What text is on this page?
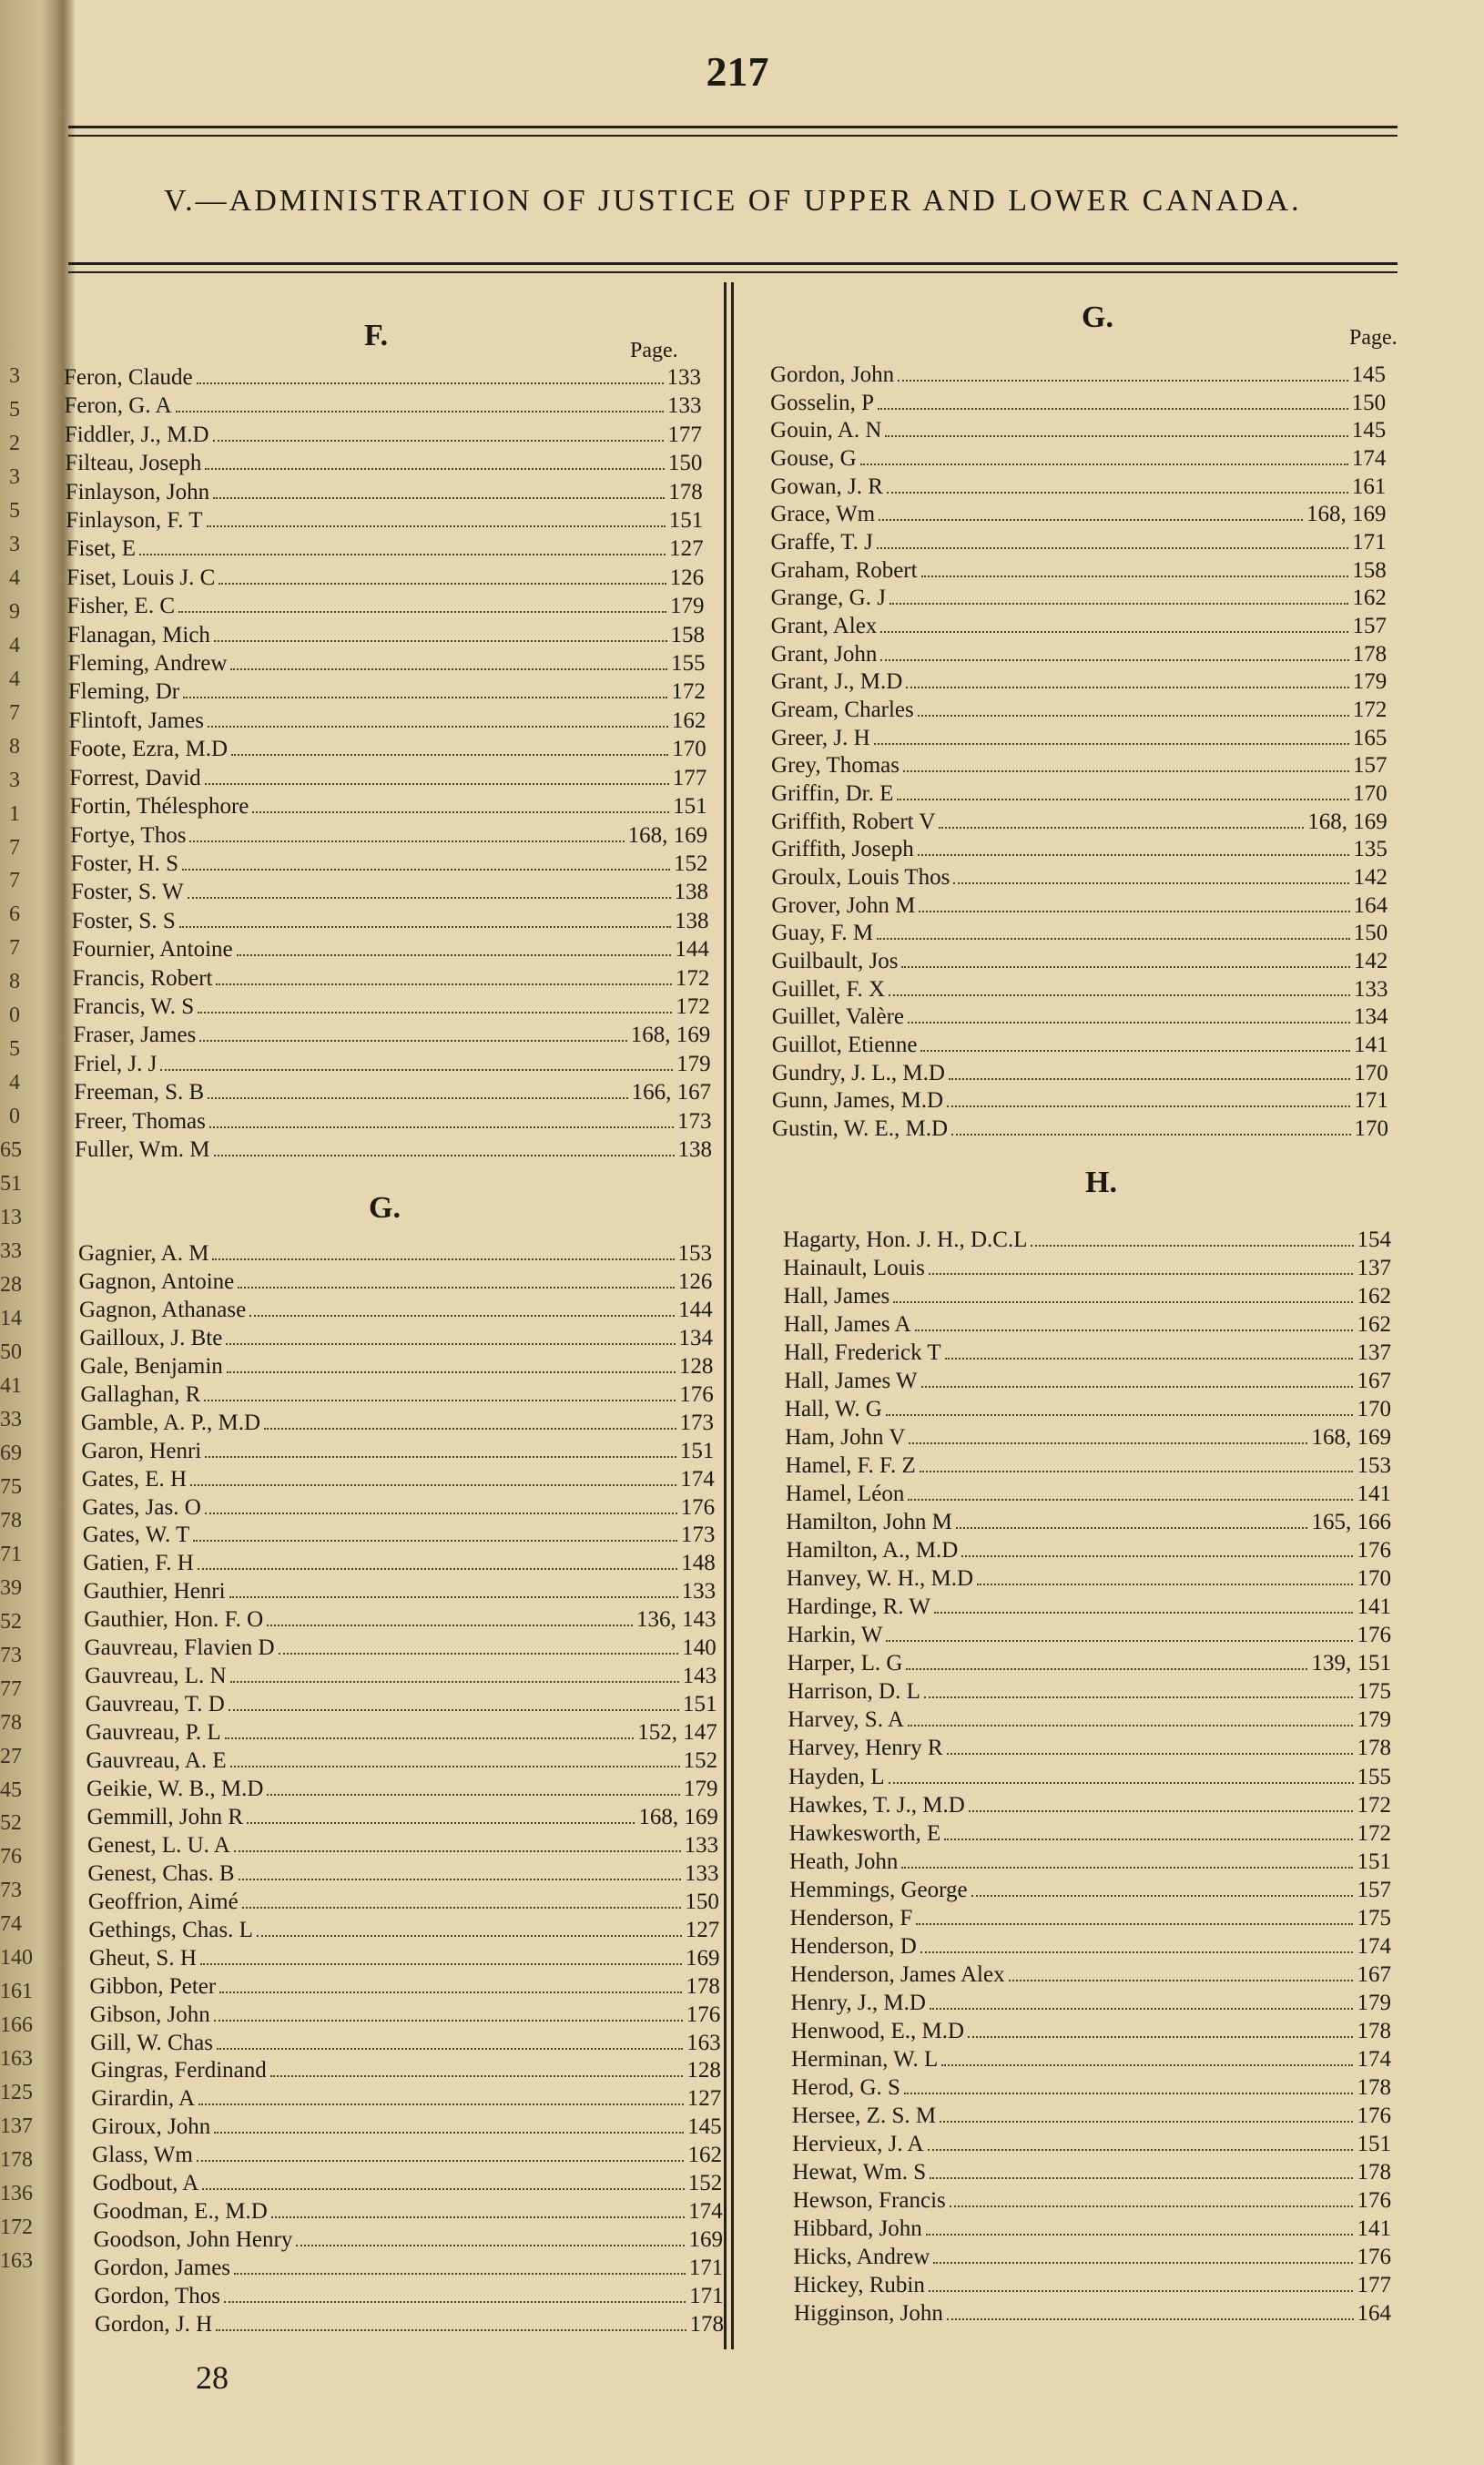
3
5
2
3
5
3
4
9
4
4
7
8
3
1
7
7
6
7
8
0
5
4
0
65
51
13
33
28
14
50
41
33
69
75
78
71
39
52
73
77
78
27
45
52
76
73
74
140
161
166
163
125
137
178
136
172
163
217
V.—ADMINISTRATION OF JUSTICE OF UPPER AND LOWER CANADA.
F.	Page.
Feron, Claude	133
Feron, G. A	133
Fiddler, J., M.D	177
Filteau, Joseph	150
Finlayson, John	178
Finlayson, F. T	151
Fiset, E	127
Fiset, Louis J. C	126
Fisher, E. C	179
Flanagan, Mich	158
Fleming, Andrew	155
Fleming, Dr	172
Flintoft, James	162
Foote, Ezra, M.D	170
Forrest, David	177
Fortin, Thélesphore	151
Fortye, Thos	168, 169
Foster, H. S	152
Foster, S. W	138
Foster, S. S	138
Fournier, Antoine	144
Francis, Robert	172
Francis, W. S	172
Fraser, James	168, 169
Friel, J. J	179
Freeman, S. B	166, 167
Freer, Thomas	173
Fuller, Wm. M	138
G.
Gagnier, A. M	153
Gagnon, Antoine	126
Gagnon, Athanase	144
Gailloux, J. Bte	134
Gale, Benjamin	128
Gallaghan, R	176
Gamble, A. P., M.D	173
Garon, Henri	151
Gates, E. H	174
Gates, Jas. O	176
Gates, W. T	173
Gatien, F. H	148
Gauthier, Henri	133
Gauthier, Hon. F. O	136, 143
Gauvreau, Flavien D	140
Gauvreau, L. N	143
Gauvreau, T. D	151
Gauvreau, P. L	152, 147
Gauvreau, A. E	152
Geikie, W. B., M.D	179
Gemmill, John R	168, 169
Genest, L. U. A	133
Genest, Chas. B	133
Geoffrion, Aimé	150
Gethings, Chas. L	127
Gheut, S. H	169
Gibbon, Peter	178
Gibson, John	176
Gill, W. Chas	163
Gingras, Ferdinand	128
Girardin, A	127
Giroux, John	145
Glass, Wm	162
Godbout, A	152
Goodman, E., M.D	174
Goodson, John Henry	169
Gordon, James	171
Gordon, Thos	171
Gordon, J. H	178
G.
Page.
Gordon, John	145
Gosselin, P	150
Gouin, A. N	145
Gouse, G	174
Gowan, J. R	161
Grace, Wm	168, 169
Graffe, T. J	171
Graham, Robert	158
Grange, G. J	162
Grant, Alex	157
Grant, John	178
Grant, J., M.D	179
Gream, Charles	172
Greer, J. H	165
Grey, Thomas	157
Griffin, Dr. E	170
Griffith, Robert V	168, 169
Griffith, Joseph	135
Groulx, Louis Thos	142
Grover, John M	164
Guay, F. M	150
Guilbault, Jos	142
Guillet, F. X	133
Guillet, Valère	134
Guillot, Etienne	141
Gundry, J. L., M.D	170
Gunn, James, M.D	171
Gustin, W. E., M.D	170
H.
Hagarty, Hon. J. H., D.C.L	154
Hainault, Louis	137
Hall, James	162
Hall, James A	162
Hall, Frederick T	137
Hall, James W	167
Hall, W. G	170
Ham, John V	168, 169
Hamel, F. F. Z	153
Hamel, Léon	141
Hamilton, John M	165, 166
Hamilton, A., M.D	176
Hanvey, W. H., M.D	170
Hardinge, R. W	141
Harkin, W	176
Harper, L. G	139, 151
Harrison, D. L	175
Harvey, S. A	179
Harvey, Henry R	178
Hayden, L	155
Hawkes, T. J., M.D	172
Hawkesworth, E	172
Heath, John	151
Hemmings, George	157
Henderson, F	175
Henderson, D	174
Henderson, James Alex	167
Henry, J., M.D	179
Henwood, E., M.D	178
Herminan, W. L	174
Herod, G. S	178
Hersee, Z. S. M	176
Hervieux, J. A	151
Hewat, Wm. S	178
Hewson, Francis	176
Hibbard, John	141
Hicks, Andrew	176
Hickey, Rubin	177
Higginson, John	164
28
